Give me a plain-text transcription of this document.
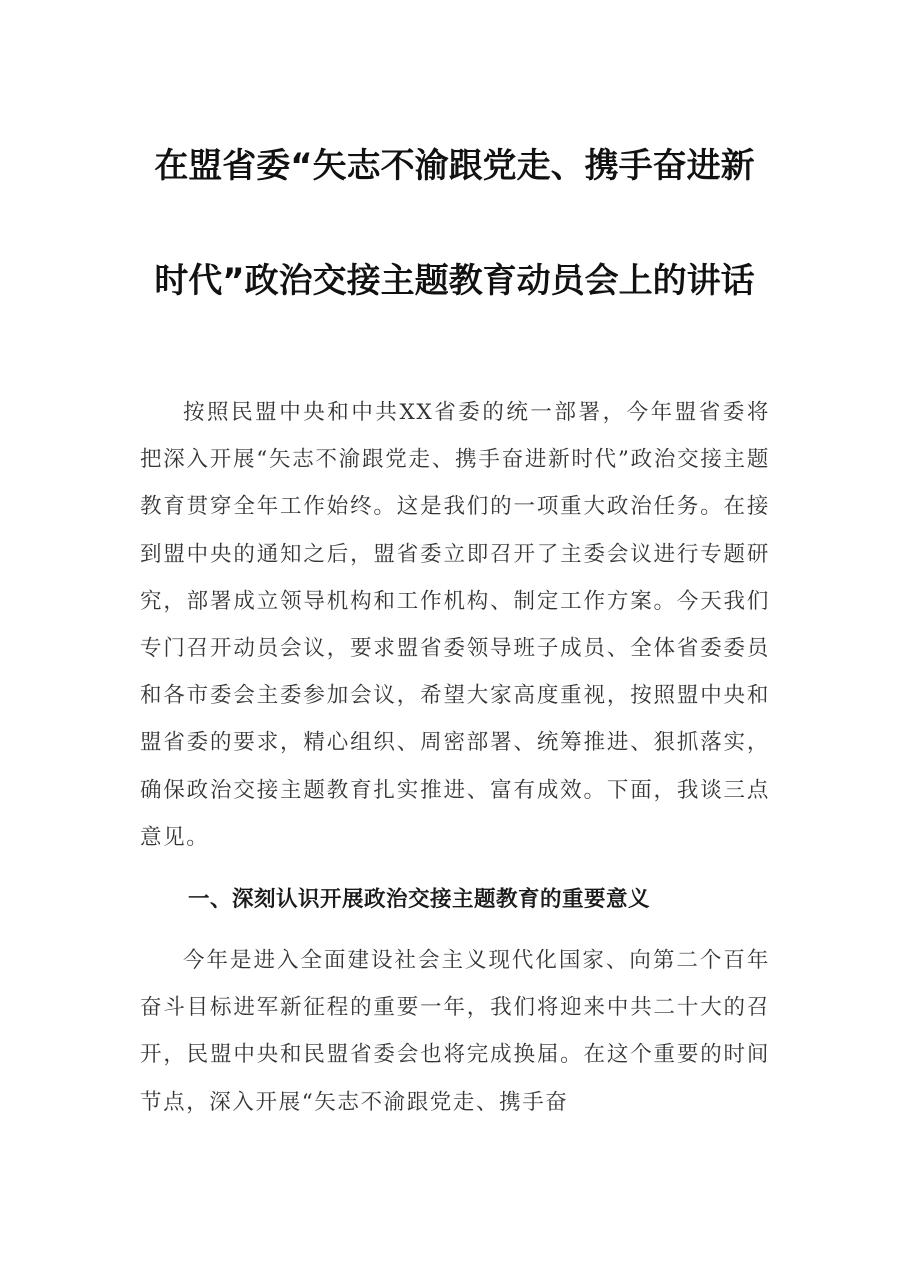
在盟省委“矢志不渝跟党走、携手奋进新
时代”政治交接主题教育动员会上的讲话
按照民盟中央和中共XX省委的统一部署，今年盟省委将把深入开展“矢志不渝跟党走、携手奋进新时代”政治交接主题教育贯穿全年工作始终。这是我们的一项重大政治任务。在接到盟中央的通知之后，盟省委立即召开了主委会议进行专题研究，部署成立领导机构和工作机构、制定工作方案。今天我们专门召开动员会议，要求盟省委领导班子成员、全体省委委员和各市委会主委参加会议，希望大家高度重视，按照盟中央和盟省委的要求，精心组织、周密部署、统筹推进、狠抓落实，确保政治交接主题教育扎实推进、富有成效。下面，我谈三点意见。
一、深刻认识开展政治交接主题教育的重要意义
今年是进入全面建设社会主义现代化国家、向第二个百年奋斗目标进军新征程的重要一年，我们将迎来中共二十大的召开，民盟中央和民盟省委会也将完成换届。在这个重要的时间节点，深入开展“矢志不渝跟党走、携手奋
